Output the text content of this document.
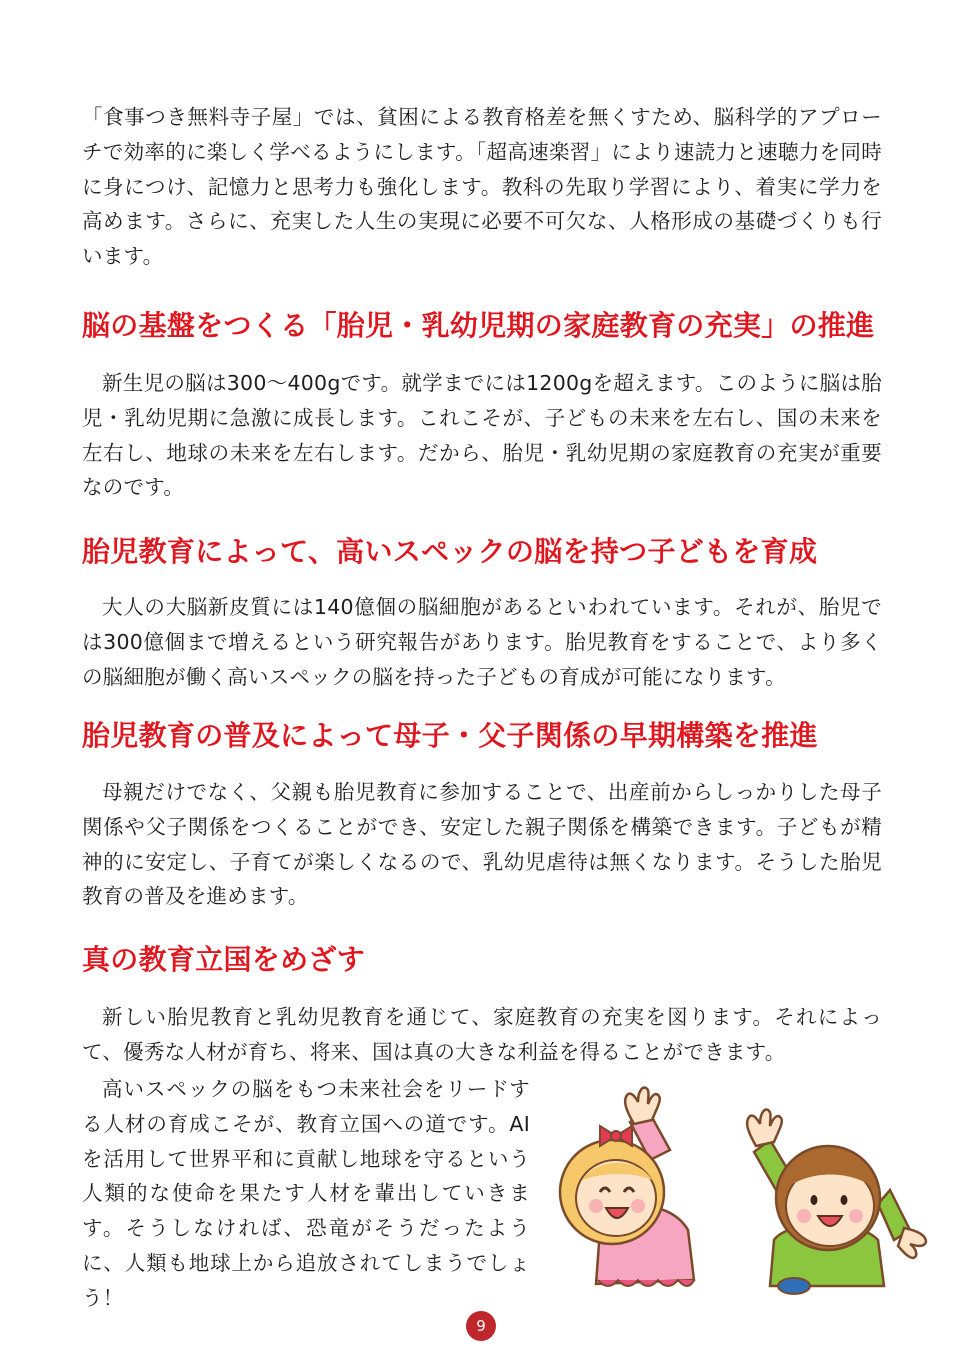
「食事つき無料寺子屋」では、貧困による教育格差を無くすため、脳科学的アプローチで効率的に楽しく学べるようにします。「超高速楽習」により速読力と速聴力を同時に身につけ、記憶力と思考力も強化します。教科の先取り学習により、着実に学力を高めます。さらに、充実した人生の実現に必要不可欠な、人格形成の基礎づくりも行います。

脳の基盤をつくる「胎児・乳幼児期の家庭教育の充実」の推進

新生児の脳は300〜400gです。就学までには1200gを超えます。このように脳は胎児・乳幼児期に急激に成長します。これこそが、子どもの未来を左右し、国の未来を左右し、地球の未来を左右します。だから、胎児・乳幼児期の家庭教育の充実が重要なのです。

胎児教育によって、高いスペックの脳を持つ子どもを育成

大人の大脳新皮質には140億個の脳細胞があるといわれています。それが、胎児では300億個まで増えるという研究報告があります。胎児教育をすることで、より多くの脳細胞が働く高いスペックの脳を持った子どもの育成が可能になります。

胎児教育の普及によって母子・父子関係の早期構築を推進

母親だけでなく、父親も胎児教育に参加することで、出産前からしっかりした母子関係や父子関係をつくることができ、安定した親子関係を構築できます。子どもが精神的に安定し、子育てが楽しくなるので、乳幼児虐待は無くなります。そうした胎児教育の普及を進めます。

真の教育立国をめざす

新しい胎児教育と乳幼児教育を通じて、家庭教育の充実を図ります。それによって、優秀な人材が育ち、将来、国は真の大きな利益を得ることができます。

高いスペックの脳をもつ未来社会をリードする人材の育成こそが、教育立国への道です。AIを活用して世界平和に貢献し地球を守るという人類的な使命を果たす人材を輩出していきます。そうしなければ、恐竜がそうだったように、人類も地球上から追放されてしまうでしょう！

9
